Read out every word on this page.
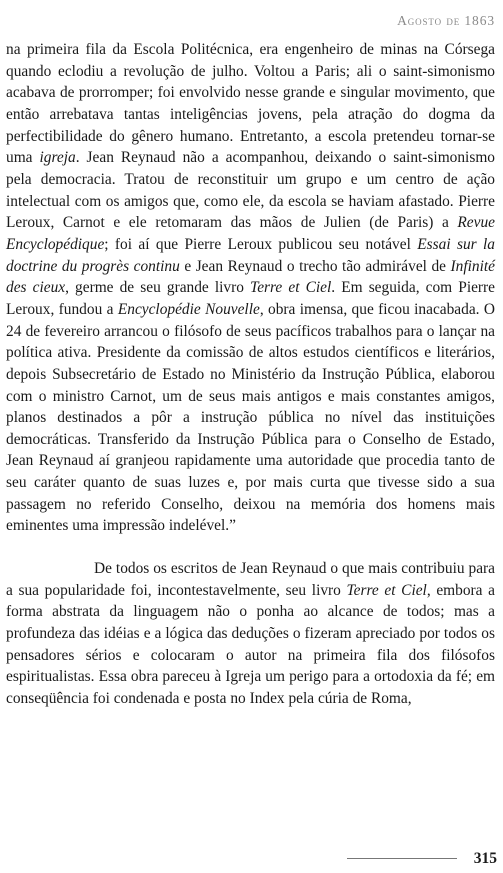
Agosto de 1863

na primeira fila da Escola Politécnica, era engenheiro de minas na Córsega quando eclodiu a revolução de julho. Voltou a Paris; ali o saint-simonismo acabava de prorromper; foi envolvido nesse grande e singular movimento, que então arrebatava tantas inteligências jovens, pela atração do dogma da perfectibilidade do gênero humano. Entretanto, a escola pretendeu tornar-se uma igreja. Jean Reynaud não a acompanhou, deixando o saint-simonismo pela democracia. Tratou de reconstituir um grupo e um centro de ação intelectual com os amigos que, como ele, da escola se haviam afastado. Pierre Leroux, Carnot e ele retomaram das mãos de Julien (de Paris) a Revue Encyclopédique; foi aí que Pierre Leroux publicou seu notável Essai sur la doctrine du progrès continu e Jean Reynaud o trecho tão admirável de Infinité des cieux, germe de seu grande livro Terre et Ciel. Em seguida, com Pierre Leroux, fundou a Encyclopédie Nouvelle, obra imensa, que ficou inacabada. O 24 de fevereiro arrancou o filósofo de seus pacíficos trabalhos para o lançar na política ativa. Presidente da comissão de altos estudos científicos e literários, depois Subsecretário de Estado no Ministério da Instrução Pública, elaborou com o ministro Carnot, um de seus mais antigos e mais constantes amigos, planos destinados a pôr a instrução pública no nível das instituições democráticas. Transferido da Instrução Pública para o Conselho de Estado, Jean Reynaud aí granjeou rapidamente uma autoridade que procedia tanto de seu caráter quanto de suas luzes e, por mais curta que tivesse sido a sua passagem no referido Conselho, deixou na memória dos homens mais eminentes uma impressão indelével.”

De todos os escritos de Jean Reynaud o que mais contribuiu para a sua popularidade foi, incontestavelmente, seu livro Terre et Ciel, embora a forma abstrata da linguagem não o ponha ao alcance de todos; mas a profundeza das idéias e a lógica das deduções o fizeram apreciado por todos os pensadores sérios e colocaram o autor na primeira fila dos filósofos espiritualistas. Essa obra pareceu à Igreja um perigo para a ortodoxia da fé; em conseqüência foi condenada e posta no Index pela cúria de Roma,

315
